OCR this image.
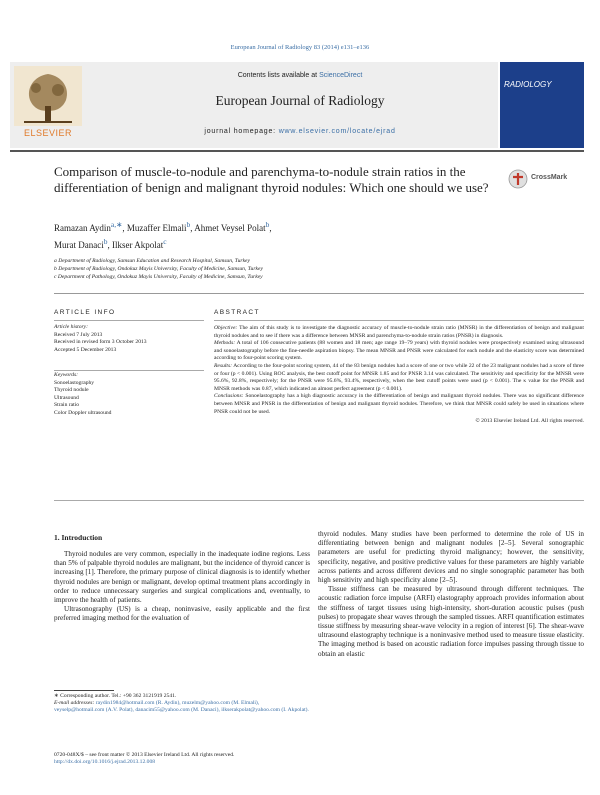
European Journal of Radiology 83 (2014) e131–e136
ELSEVIER
Contents lists available at ScienceDirect
European Journal of Radiology
journal homepage: www.elsevier.com/locate/ejrad
RADIOLOGY
Comparison of muscle-to-nodule and parenchyma-to-nodule strain ratios in the differentiation of benign and malignant thyroid nodules: Which one should we use?
CrossMark
Ramazan Aydin$^{a,∗}$, Muzaffer Elmali$^b$, Ahmet Veysel Polat$^b$,
Murat Danaci$^b$, Ilkser Akpolat$^c$
a Department of Radiology, Samsun Education and Research Hospital, Samsun, Turkey
b Department of Radiology, Ondokuz Mayis University, Faculty of Medicine, Samsun, Turkey
c Department of Pathology, Ondokuz Mayis University, Faculty of Medicine, Samsun, Turkey
ARTICLE INFO	ABSTRACT
Article history:
Received 7 July 2013
Received in revised form 3 October 2013
Accepted 5 December 2013
Keywords:
Sonoelastography
Thyroid nodule
Ultrasound
Strain ratio
Color Doppler ultrasound

Objective: The aim of this study is to investigate the diagnostic accuracy of muscle-to-nodule strain ratio (MNSR) in the differentiation of benign and malignant thyroid nodules and to see if there was a difference between MNSR and parenchyma-to-nodule strain ratios (PNSR) in diagnosis.

Methods: A total of 106 consecutive patients (88 women and 18 men; age range 19–79 years) with thyroid nodules were prospectively examined using ultrasound and sonoelastography before the fine-needle aspiration biopsy. The mean MNSR and PNSR were calculated for each nodule and the elasticity score was determined according to four-point scoring system.

Results: According to the four-point scoring system, 44 of the 83 benign nodules had a score of one or two while 22 of the 23 malignant nodules had a score of three or four (p < 0.001). Using ROC analysis, the best cutoff point for MNSR 1.85 and for PNSR 3.14 was calculated. The sensitivity and specificity for the MNSR were 95.6%, 92.8%, respectively; for the PNSR were 95.6%, 93.4%, respectively, when the best cutoff points were used (p < 0.001). The κ value for the PNSR and MNSR methods was 0.87, which indicated an almost perfect agreement (p < 0.001).

Conclusions: Sonoelastography has a high diagnostic accuracy in the differentiation of benign and malignant thyroid nodules. There was no significant difference between MNSR and PNSR in the differentiation of benign and malignant thyroid nodules. Therefore, we think that MNSR could safely be used in situations where PNSR could not be used.

© 2013 Elsevier Ireland Ltd. All rights reserved.

1. Introduction

Thyroid nodules are very common, especially in the inadequate iodine regions. Less than 5% of palpable thyroid nodules are malignant, but the incidence of thyroid cancer is increasing [1]. Therefore, the primary purpose of clinical diagnosis is to identify whether thyroid nodules are benign or malignant, develop optimal treatment plans accordingly in order to reduce unnecessary surgeries and surgical complications and, eventually, to improve the health of patients.

Ultrasonography (US) is a cheap, noninvasive, easily applicable and the first preferred imaging method for the evaluation of

thyroid nodules. Many studies have been performed to determine the role of US in differentiating between benign and malignant nodules [2–5]. Several sonographic parameters are useful for predicting thyroid malignancy; however, the sensitivity, specificity, negative, and positive predictive values for these parameters are highly variable across patients and across different devices and no single sonographic parameter has both high sensitivity and high specificity alone [2–5].

Tissue stiffness can be measured by ultrasound through different techniques. The acoustic radiation force impulse (ARFI) elastography approach provides information about the stiffness of target tissues using high-intensity, short-duration acoustic pulses (push pulses) to propagate shear waves through the sampled tissues. ARFI quantification estimates tissue stiffness by measuring shear-wave velocity in a region of interest [6]. The shear-wave ultrasound elastography technique is a noninvasive method used to measure tissue elasticity. The imaging method is based on acoustic radiation force impulses passing through tissue to obtain an elastic

∗ Corresponding author. Tel.: +90 362 3121919 2541.
E-mail addresses: raydin1984@hotmail.com (R. Aydin), muzelm@yahoo.com (M. Elmali), veyselp@hotmail.com (A.V. Polat), danacim55@yahoo.com (M. Danaci), ilkserakpolat@yahoo.com (I. Akpolat).
0720-048X/$ – see front matter © 2013 Elsevier Ireland Ltd. All rights reserved.
http://dx.doi.org/10.1016/j.ejrad.2013.12.008
